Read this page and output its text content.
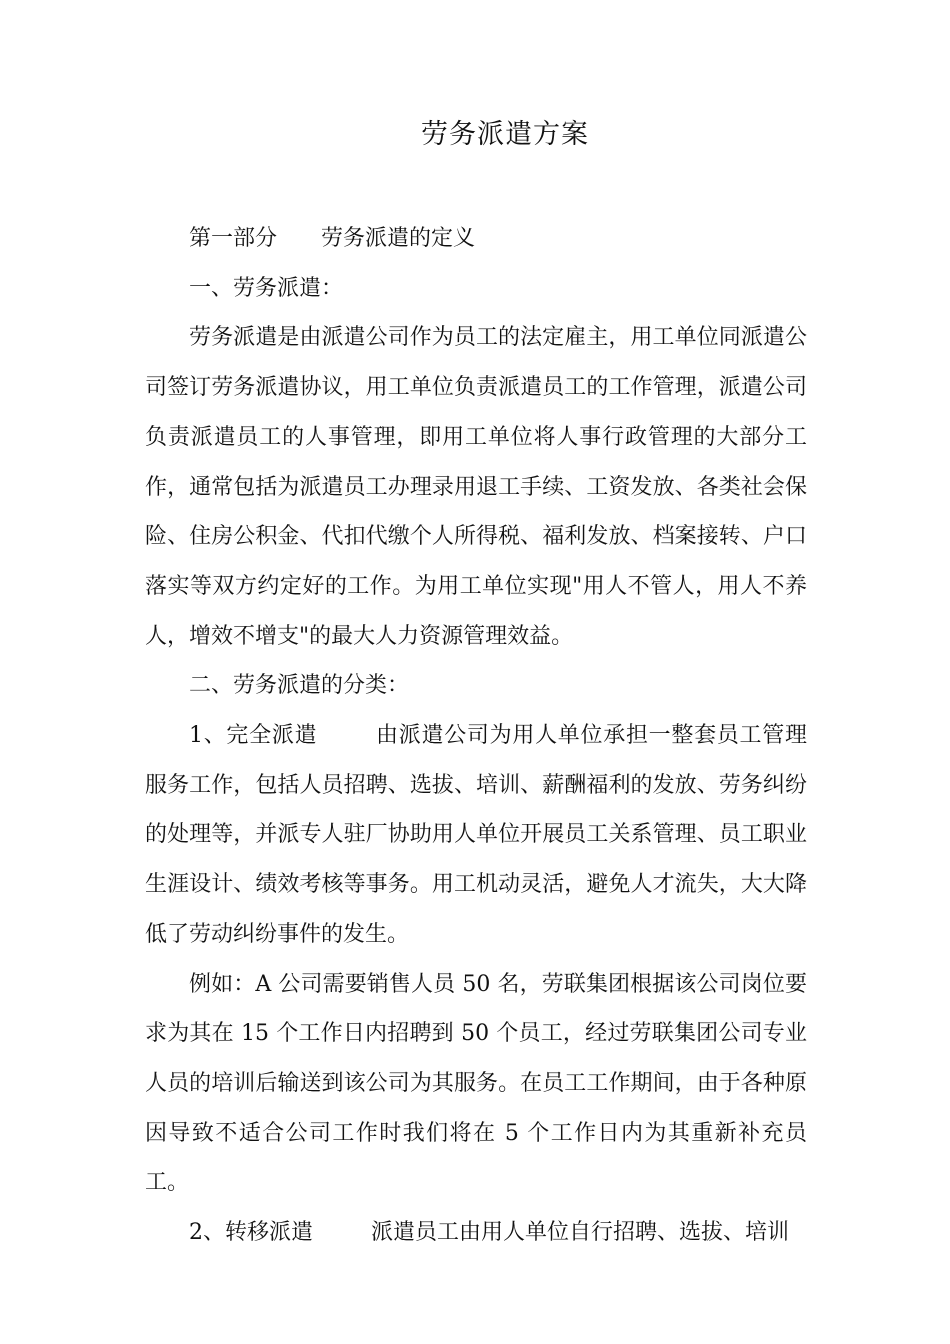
劳务派遣方案

第一部分 劳务派遣的定义

一、劳务派遣：

劳务派遣是由派遣公司作为员工的法定雇主，用工单位同派遣公司签订劳务派遣协议，用工单位负责派遣员工的工作管理，派遣公司负责派遣员工的人事管理，即用工单位将人事行政管理的大部分工作，通常包括为派遣员工办理录用退工手续、工资发放、各类社会保险、住房公积金、代扣代缴个人所得税、福利发放、档案接转、户口落实等双方约定好的工作。为用工单位实现"用人不管人，用人不养人，增效不增支"的最大人力资源管理效益。

二、劳务派遣的分类：

1、完全派遣	由派遣公司为用人单位承担一整套员工管理服务工作，包括人员招聘、选拔、培训、薪酬福利的发放、劳务纠纷的处理等，并派专人驻厂协助用人单位开展员工关系管理、员工职业生涯设计、绩效考核等事务。用工机动灵活，避免人才流失，大大降低了劳动纠纷事件的发生。

例如：A 公司需要销售人员 50 名，劳联集团根据该公司岗位要求为其在 15 个工作日内招聘到 50 个员工，经过劳联集团公司专业人员的培训后输送到该公司为其服务。在员工工作期间，由于各种原因导致不适合公司工作时我们将在 5 个工作日内为其重新补充员工。

2、转移派遣	派遣员工由用人单位自行招聘、选拔、培训
